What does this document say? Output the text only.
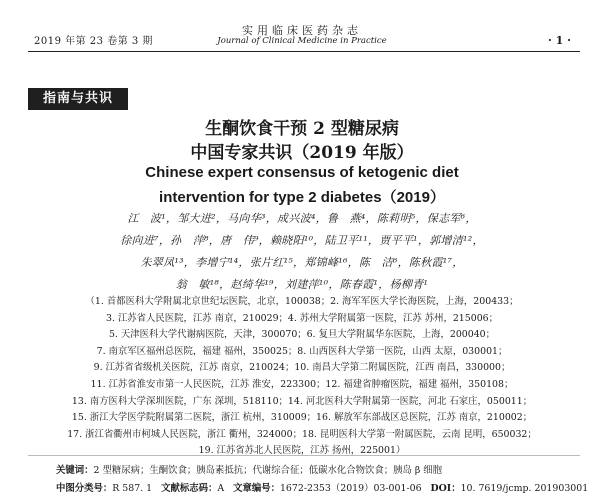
2019 年第 23 卷第 3 期
实用临床医药杂志
Journal of Clinical Medicine in Practice	· 1 ·
指南与共识
生酮饮食干预 2 型糖尿病
中国专家共识（2019 年版）
Chinese expert consensus of ketogenic diet
intervention for type 2 diabetes（2019）
江　波¹，邹大进²，马向华³，成兴波⁴，鲁　燕⁴，陈莉明⁵，保志军⁶，
徐向进⁷，孙　萍⁸，唐　伟⁹，赖晓阳¹⁰，陆卫平¹¹，贾平平¹，郭增清¹²，
朱翠凤¹³，李增宁¹⁴，张片红¹⁵，郑锦峰¹⁶，陈　洁⁶，陈秋霞¹⁷，
翁　敏¹⁸，赵绮华¹⁹，刘建萍¹⁰，陈春霞¹，杨柳青¹
（1. 首都医科大学附属北京世纪坛医院，北京，100038；2. 海军军医大学长海医院，上海，200433；
3. 江苏省人民医院，江苏 南京，210029；4. 苏州大学附属第一医院，江苏 苏州，215006；
5. 天津医科大学代谢病医院，天津，300070；6. 复旦大学附属华东医院，上海，200040；
7. 南京军区福州总医院，福建 福州，350025；8. 山西医科大学第一医院，山西 太原，030001；
9. 江苏省省级机关医院，江苏 南京，210024；10. 南昌大学第二附属医院，江西 南昌，330000；
11. 江苏省淮安市第一人民医院，江苏 淮安，223300；12. 福建省肿瘤医院，福建 福州，350108；
13. 南方医科大学深圳医院，广东 深圳，518110；14. 河北医科大学附属第一医院，河北 石家庄，050011；
15. 浙江大学医学院附属第二医院，浙江 杭州，310009；16. 解放军东部战区总医院，江苏 南京，210002；
17. 浙江省衢州市柯城人民医院，浙江 衢州，324000；18. 昆明医科大学第一附属医院，云南 昆明，650032；
19. 江苏省苏北人民医院，江苏 扬州，225001）
关键词：2 型糖尿病；生酮饮食；胰岛素抵抗；代谢综合征；低碳水化合物饮食；胰岛 β 细胞
中图分类号：R 587. 1 文献标志码：A 文章编号：1672-2353（2019）03-001-06 DOI：10. 7619/jcmp. 201903001
